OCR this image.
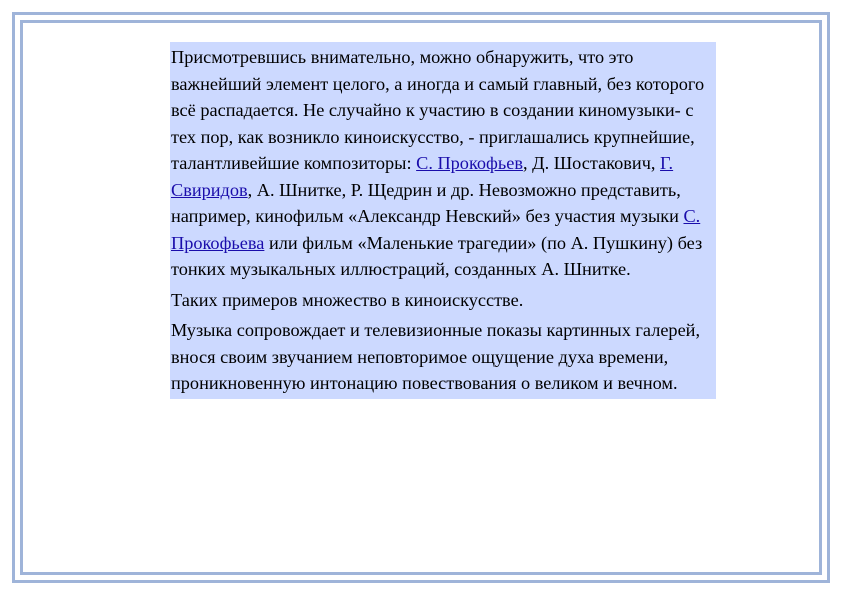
Присмотревшись внимательно, можно обнаружить, что это важнейший элемент целого, а иногда и самый главный, без которого всё распадается. Не случайно к участию в создании киномузыки- с тех пор, как возникло киноискусство, - приглашались крупнейшие, талантливейшие композиторы: С. Прокофьев, Д. Шостакович, Г. Свиридов, А. Шнитке, Р. Щедрин и др. Невозможно представить, например, кинофильм «Александр Невский» без участия музыки С. Прокофьева или фильм «Маленькие трагедии» (по А. Пушкину) без тонких музыкальных иллюстраций, созданных А. Шнитке.

Таких примеров множество в киноискусстве.

Музыка сопровождает и телевизионные показы картинных галерей, внося своим звучанием неповторимое ощущение духа времени, проникновенную интонацию повествования о великом и вечном.
